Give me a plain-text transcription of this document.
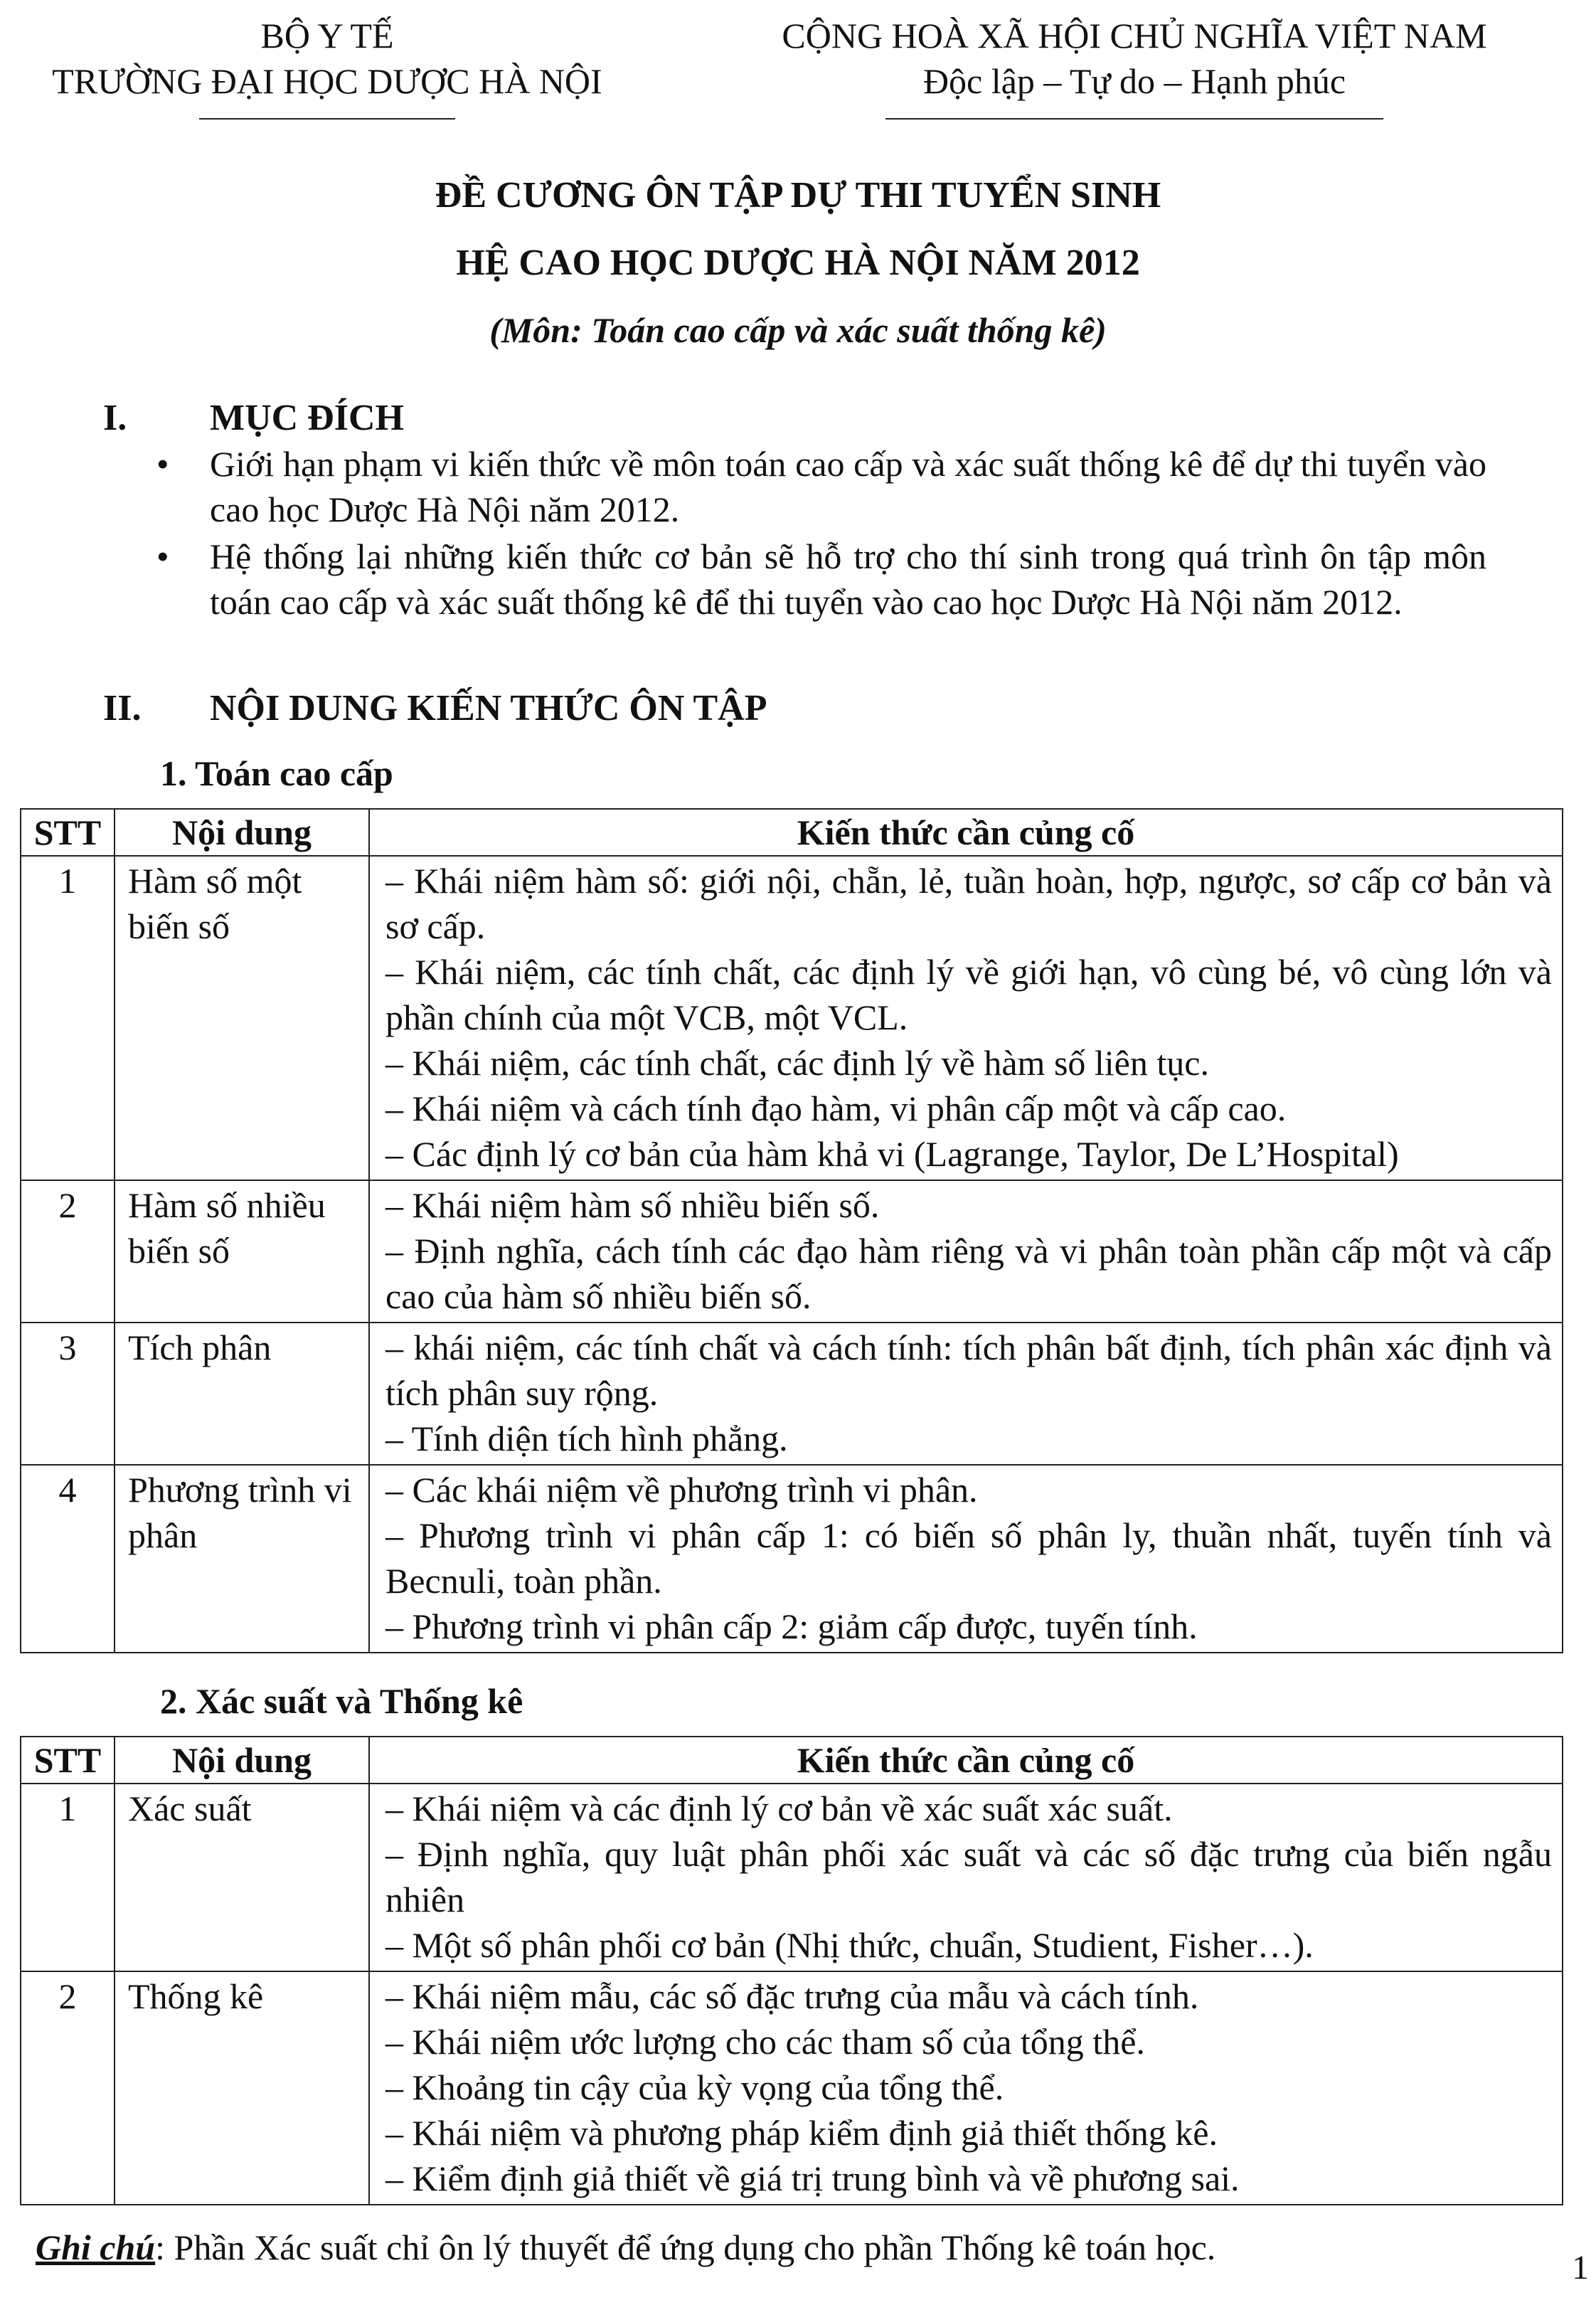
BỘ Y TẾ
TRƯỜNG ĐẠI HỌC DƯỢC HÀ NỘI
CỘNG HOÀ XÃ HỘI CHỦ NGHĨA VIỆT NAM
Độc lập – Tự do – Hạnh phúc
ĐỀ CƯƠNG ÔN TẬP DỰ THI TUYỂN SINH
HỆ CAO HỌC DƯỢC HÀ NỘI NĂM 2012
(Môn: Toán cao cấp và xác suất thống kê)
I. MỤC ĐÍCH
• Giới hạn phạm vi kiến thức về môn toán cao cấp và xác suất thống kê để dự thi tuyển vào cao học Dược Hà Nội năm 2012.
• Hệ thống lại những kiến thức cơ bản sẽ hỗ trợ cho thí sinh trong quá trình ôn tập môn toán cao cấp và xác suất thống kê để thi tuyển vào cao học Dược Hà Nội năm 2012.
II. NỘI DUNG KIẾN THỨC ÔN TẬP
1. Toán cao cấp
STT	Nội dung	Kiến thức cần củng cố
1	Hàm số một biến số	– Khái niệm hàm số: giới nội, chẵn, lẻ, tuần hoàn, hợp, ngược, sơ cấp cơ bản và sơ cấp.
– Khái niệm, các tính chất, các định lý về giới hạn, vô cùng bé, vô cùng lớn và phần chính của một VCB, một VCL.
– Khái niệm, các tính chất, các định lý về hàm số liên tục.
– Khái niệm và cách tính đạo hàm, vi phân cấp một và cấp cao.
– Các định lý cơ bản của hàm khả vi (Lagrange, Taylor, De L’Hospital)

2	Hàm số nhiều biến số	– Khái niệm hàm số nhiều biến số.
– Định nghĩa, cách tính các đạo hàm riêng và vi phân toàn phần cấp một và cấp cao của hàm số nhiều biến số.

3	Tích phân	– khái niệm, các tính chất và cách tính: tích phân bất định, tích phân xác định và tích phân suy rộng.
– Tính diện tích hình phẳng.

4	Phương trình vi phân	– Các khái niệm về phương trình vi phân.
– Phương trình vi phân cấp 1: có biến số phân ly, thuần nhất, tuyến tính và Becnuli, toàn phần.
– Phương trình vi phân cấp 2: giảm cấp được, tuyến tính.
2. Xác suất và Thống kê
STT	Nội dung	Kiến thức cần củng cố
1	Xác suất	– Khái niệm và các định lý cơ bản về xác suất xác suất.
– Định nghĩa, quy luật phân phối xác suất và các số đặc trưng của biến ngẫu nhiên
– Một số phân phối cơ bản (Nhị thức, chuẩn, Studient, Fisher…).

2	Thống kê	– Khái niệm mẫu, các số đặc trưng của mẫu và cách tính.
– Khái niệm ước lượng cho các tham số của tổng thể.
– Khoảng tin cậy của kỳ vọng của tổng thể.
– Khái niệm và phương pháp kiểm định giả thiết thống kê.
– Kiểm định giả thiết về giá trị trung bình và về phương sai.
Ghi chú: Phần Xác suất chỉ ôn lý thuyết để ứng dụng cho phần Thống kê toán học.
1
